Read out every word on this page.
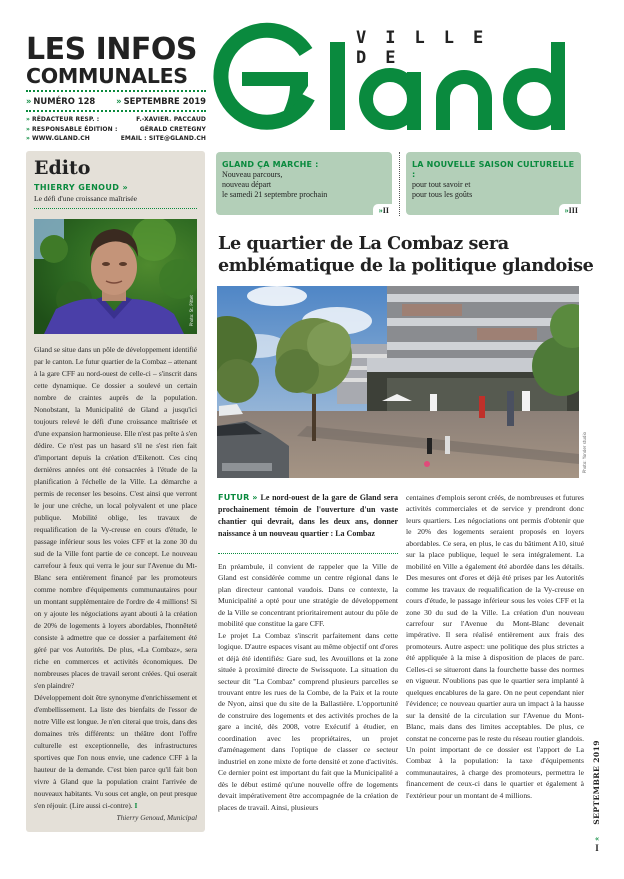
LES INFOS
COMMUNALES
» NUMÉRO 128 » SEPTEMBRE 2019
» RÉDACTEUR RESP. :	F.-XAVIER. PACCAUD
» RESPONSABLE ÉDITION :	GÉRALD CRETEGNY
» WWW.GLAND.CH	EMAIL : SITE@GLAND.CH
VILLE DE
Edito
THIERRY GENOUD »
Le défi d'une croissance maîtrisée
Photo: St. Pittet

Gland se situe dans un pôle de développement identifié par le canton. Le futur quartier de la Combaz – attenant à la gare CFF au nord-ouest de celle-ci – s'inscrit dans cette dynamique. Ce dossier a soulevé un certain nombre de craintes auprès de la population. Nonobstant, la Municipalité de Gland a jusqu'ici toujours relevé le défi d'une croissance maîtrisée et d'une expansion harmonieuse. Elle n'est pas prête à s'en dédire. Ce n'est pas un hasard s'il ne s'est rien fait d'important depuis la création d'Eikenott. Ces cinq dernières années ont été consacrées à l'étude de la planification à l'échelle de la Ville. La démarche a permis de recenser les besoins. C'est ainsi que verront le jour une crèche, un local polyvalent et une place publique. Mobilité oblige, les travaux de requalification de la Vy-creuse en cours d'étude, le passage inférieur sous les voies CFF et la zone 30 du sud de la Ville font partie de ce concept. Le nouveau carrefour à feux qui verra le jour sur l'Avenue du Mt-Blanc sera entièrement financé par les promoteurs comme nombre d'équipements communautaires pour un montant supplémentaire de l'ordre de 4 millions! Si on y ajoute les négociations ayant abouti à la création de 20% de logements à loyers abordables, l'honnêteté consiste à admettre que ce dossier a parfaitement été géré par vos Autorités. De plus, «La Combaz», sera riche en commerces et activités économiques. De nombreuses places de travail seront créées. Qui oserait s'en plaindre?

Développement doit être synonyme d'enrichissement et d'embellissement. La liste des bienfaits de l'essor de notre Ville est longue. Je n'en citerai que trois, dans des domaines très différents: un théâtre dont l'offre culturelle est exceptionnelle, des infrastructures sportives que l'on nous envie, une cadence CFF à la hauteur de la demande. C'est bien parce qu'il fait bon vivre à Gland que la population craint l'arrivée de nouveaux habitants. Vu sous cet angle, on peut presque s'en réjouir. (Lire aussi ci-contre). I

Thierry Genoud, Municipal
GLAND ÇA MARCHE :
Nouveau parcours,
nouveau départ
le samedi 21 septembre prochain
»II
LA NOUVELLE SAISON CULTURELLE :
pour tout savoir et
pour tous les goûts
»III
Le quartier de La Combaz sera emblématique de la politique glandoise
Photo: Yonder studio
FUTUR » Le nord-ouest de la gare de Gland sera prochainement témoin de l'ouverture d'un vaste chantier qui devrait, dans les deux ans, donner naissance à un nouveau quartier : La Combaz

En préambule, il convient de rappeler que la Ville de Gland est considérée comme un centre régional dans le plan directeur cantonal vaudois. Dans ce contexte, la Municipalité a opté pour une stratégie de développement de la Ville se concentrant prioritairement autour du pôle de mobilité que constitue la gare CFF.

Le projet La Combaz s'inscrit parfaitement dans cette logique. D'autre espaces visant au même objectif ont d'ores et déjà été identifiés: Gare sud, les Avouillons et la zone située à proximité directe de Swissquote. La situation du secteur dit "La Combaz" comprend plusieurs parcelles se trouvant entre les rues de la Combe, de la Paix et la route de Nyon, ainsi que du site de la Ballastière. L'opportunité de construire des logements et des activités proches de la gare a incité, dès 2008, votre Exécutif à étudier, en coordination avec les propriétaires, un projet d'aménagement dans l'optique de classer ce secteur industriel en zone mixte de forte densité et zone d'activités. Ce dernier point est important du fait que la Municipalité a dès le début estimé qu'une nouvelle offre de logements devait impérativement être accompagnée de la création de places de travail. Ainsi, plusieurs

centaines d'emplois seront créés, de nombreuses et futures activités commerciales et de service y prendront donc leurs quartiers. Les négociations ont permis d'obtenir que le 20% des logements seraient proposés en loyers abordables. Ce sera, en plus, le cas du bâtiment A10, situé sur la place publique, lequel le sera intégralement. La mobilité en Ville a également été abordée dans les détails. Des mesures ont d'ores et déjà été prises par les Autorités comme les travaux de requalification de la Vy-creuse en cours d'étude, le passage inférieur sous les voies CFF et la zone 30 du sud de la Ville. La création d'un nouveau carrefour sur l'Avenue du Mont-Blanc devenait impérative. Il sera réalisé entièrement aux frais des promoteurs. Autre aspect: une politique des plus strictes a été appliquée à la mise à disposition de places de parc. Celles-ci se situeront dans la fourchette basse des normes en vigueur. N'oublions pas que le quartier sera implanté à quelques encablures de la gare. On ne peut cependant nier l'évidence; ce nouveau quartier aura un impact à la hausse sur la densité de la circulation sur l'Avenue du Mont-Blanc, mais dans des limites acceptables. De plus, ce constat ne concerne pas le reste du réseau routier glandois. Un point important de ce dossier est l'apport de La Combaz à la population: la taxe d'équipements communautaires, à charge des promoteurs, permettra le financement de ceux-ci dans le quartier et également à l'extérieur pour un montant de 4 millions.	SEPTEMBRE 2019
«
I
